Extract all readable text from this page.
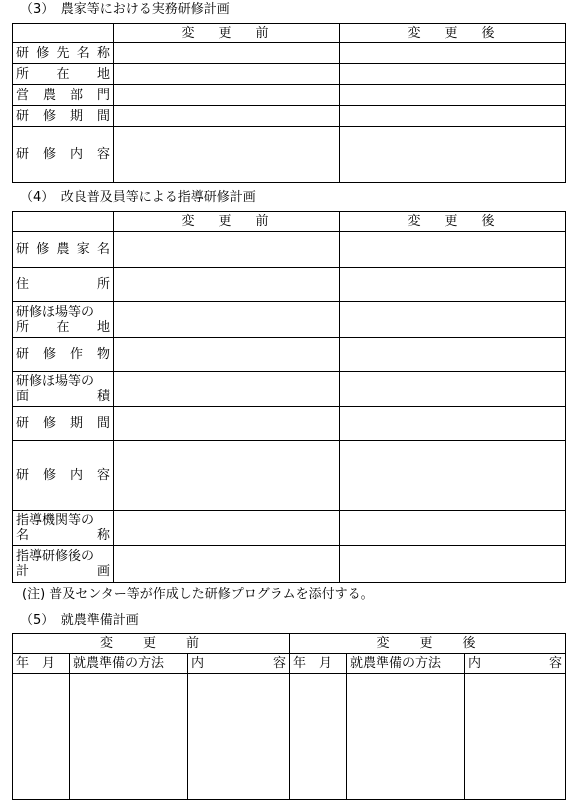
（3）　農家等における実務研修計画
	変更前	変更後

研 修 先 名 称		

所 在 地		

営 農 部 門		

研 修 期 間		

研 修 内 容		

（4）　改良普及員等による指導研修計画
	変更前	変更後

研 修 農 家 名		

住 所		

研修ほ場等の
所 在 地		

研 修 作 物		

研修ほ場等の
面 積		

研 修 期 間		

研 修 内 容		

指導機関等の
名 称		

指導研修後の
計 画		

(注) 普及センター等が作成した研修プログラムを添付する。
（5）　就農準備計画
変更前			変更後		
年　月	就農準備の方法	内 容	年　月	就農準備の方法	内 容
